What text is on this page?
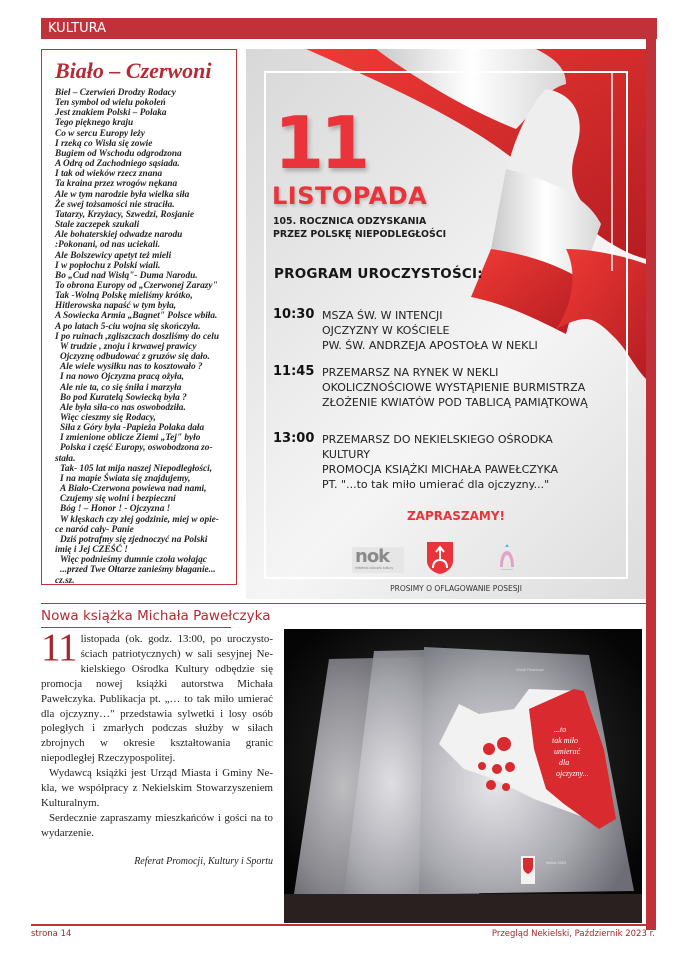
KULTURA
Biało – Czerwoni
Biel – Czerwień Drodzy Rodacy
Ten symbol od wielu pokoleń
Jest znakiem Polski – Polaka
Tego pięknego kraju
Co w sercu Europy leży
I rzeką co Wisła się zowie
Bugiem od Wschodu odgrodzona
A Odrą od Zachodniego sąsiada.
I tak od wieków rzecz znana
Ta kraina przez wrogów nękana
Ale w tym narodzie była wielka siła
Że swej tożsamości nie straciła.
Tatarzy, Krzyżacy, Szwedzi, Rosjanie
Stale zaczepek szukali
Ale bohaterskiej odwadze narodu
:Pokonani, od nas uciekali.
Ale Bolszewicy apetyt też mieli
I w popłochu z Polski wiali.
Bo „Cud nad Wisłą"- Duma Narodu.
To obrona Europy od „Czerwonej Zarazy"
Tak -Wolną Polskę mieliśmy krótko,
Hitlerowska napaść w tym była,
A Sowiecka Armia „Bagnet" Polsce wbiła.
A po latach 5-ciu wojna się skończyła.
I po ruinach ,zgliszczach doszliśmy do celu
W trudzie , znoju i krwawej prawicy
Ojczyznę odbudować z gruzów się dało.
Ale wiele wysiłku nas to kosztowało ?
I na nowo Ojczyzna pracą ożyła,
Ale nie ta, co się śniła i marzyła
Bo pod Kuratelą Sowiecką była ?
Ale była siła-co nas oswobodziła.
Więc cieszmy się Rodacy,
Siła z Góry była -Papieża Polaka dała
I zmienione oblicze Ziemi „Tej" było
Polska i część Europy, oswobodzona zo-
stała.
Tak- 105 lat mija naszej Niepodległości,
I na mapie Świata się znajdujemy,
A Biało-Czerwona powiewa nad nami,
Czujemy się wolni i bezpieczni
Bóg ! – Honor ! - Ojczyzna !
W klęskach czy złej godzinie, miej w opie-
ce naród cały- Panie
Dziś potrafmy się zjednoczyć na Polski
imię i Jej CZEŚĆ !
Więc podnieśmy dumnie czoła wołając
...przed Twe Ołtarze zanieśmy błaganie...
cz.sz.
11
LISTOPADA
105. ROCZNICA ODZYSKANIA
PRZEZ POLSKĘ NIEPODLEGŁOŚCI
PROGRAM UROCZYSTOŚCI:
10:30 MSZA ŚW. W INTENCJI
OJCZYZNY W KOŚCIELE
PW. ŚW. ANDRZEJA APOSTOŁA W NEKLI
11:45 PRZEMARSZ NA RYNEK W NEKLI
OKOLICZNOŚCIOWE WYSTĄPIENIE BURMISTRZA
ZŁOŻENIE KWIATÓW POD TABLICĄ PAMIĄTKOWĄ
13:00 PRZEMARSZ DO NEKIELSKIEGO OŚRODKA
KULTURY
PROMOCJA KSIĄŻKI MICHAŁA PAWEŁCZYKA
PT. "...to tak miło umierać dla ojczyzny..."
ZAPRASZAMY!
nok
nekielski ośrodek kultury
PROSIMY O OFLAGOWANIE POSESJI
Nowa książka Michała Pawełczyka

11 listopada (ok. godz. 13:00, po uroczystościach patriotycznych) w sali sesyjnej Nekielskiego Ośrodka Kultury odbędzie się promocja nowej książki autorstwa Michała Pawełczyka. Publikacja pt. „… to tak miło umierać dla ojczyzny…" przedstawia sylwetki i losy osób poległych i zmarłych podczas służby w siłach zbrojnych w okresie kształtowania granic niepodległej Rzeczypospolitej.

Wydawcą książki jest Urząd Miasta i Gminy Nekla, we współpracy z Nekielskim Stowarzyszeniem Kulturalnym.

Serdecznie zapraszamy mieszkańców i gości na to wydarzenie.

Referat Promocji, Kultury i Sportu
...to
tak miło
umierać
dla
ojczyzny...
Michał Pawełczyk
Nekla 2023
strona 14	Przegląd Nekielski, Październik 2023 r.
